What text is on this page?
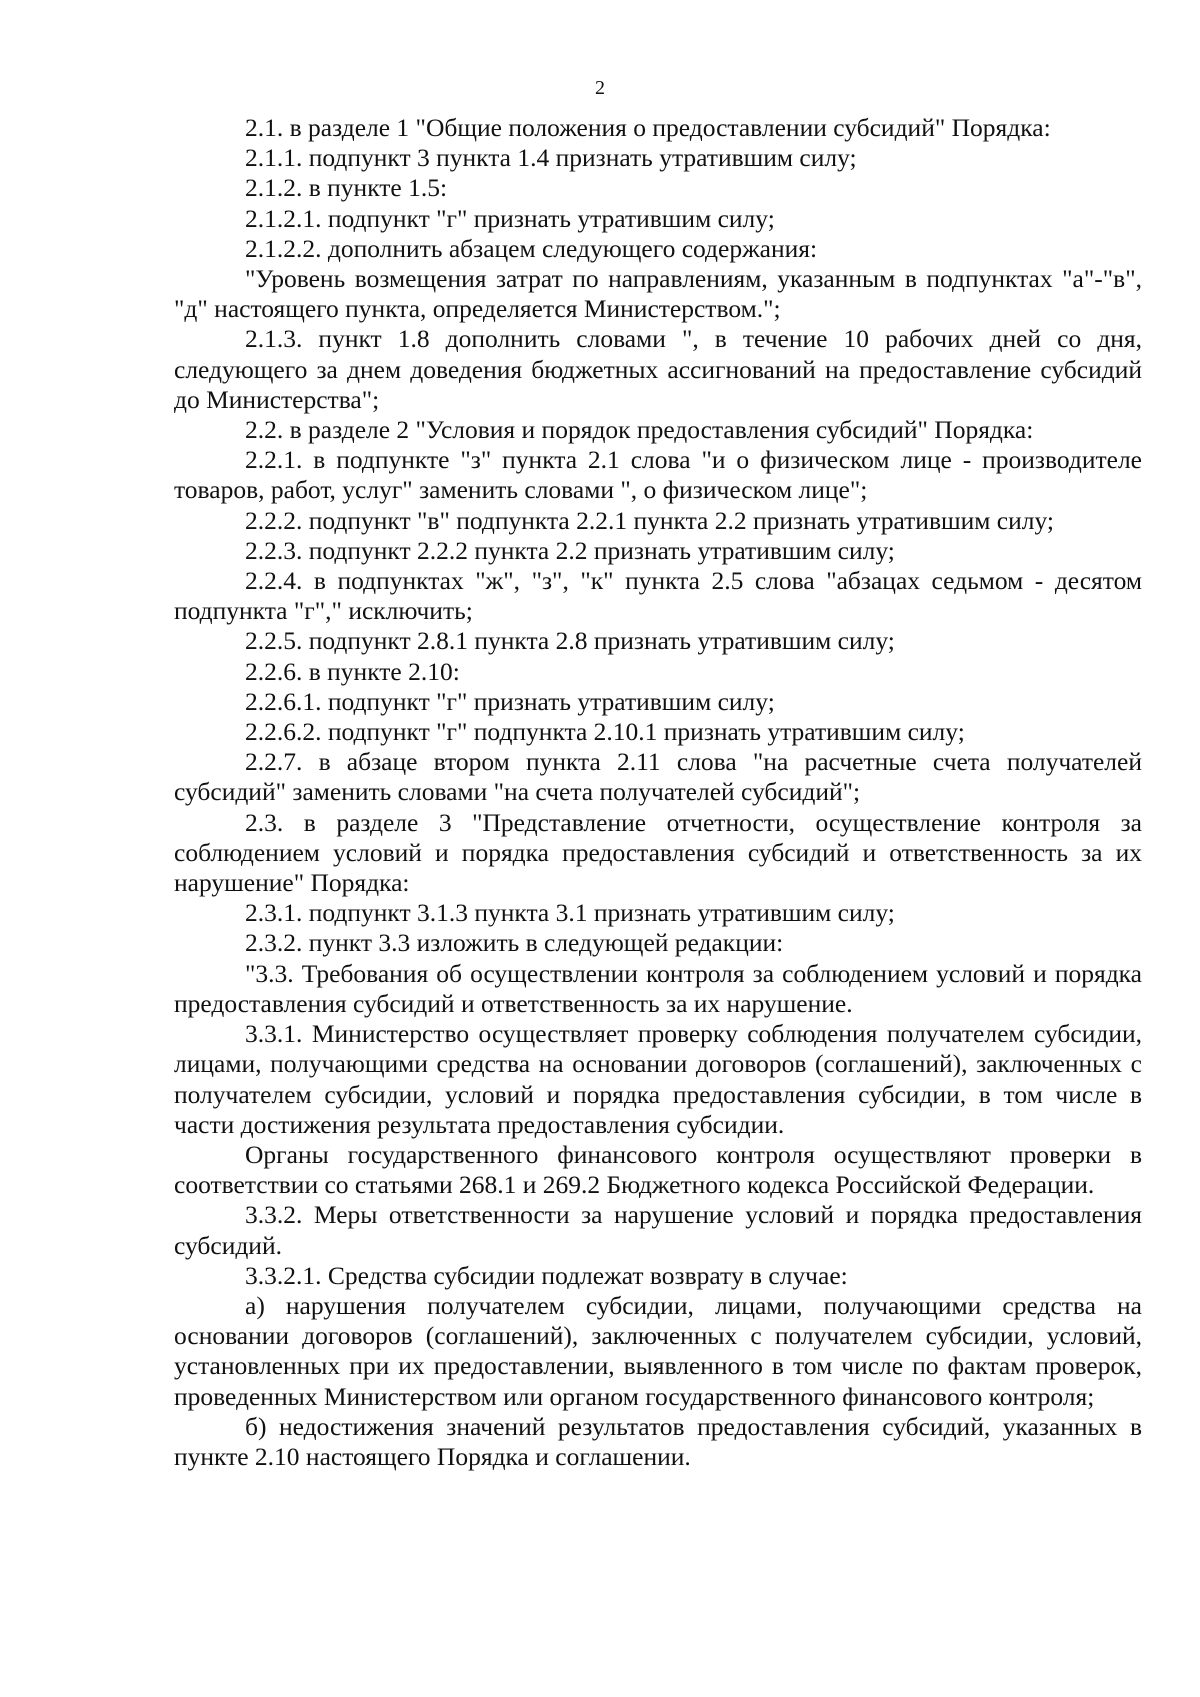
2

2.1. в разделе 1 "Общие положения о предоставлении субсидий" Порядка:

2.1.1. подпункт 3 пункта 1.4 признать утратившим силу;

2.1.2. в пункте 1.5:

2.1.2.1. подпункт "г" признать утратившим силу;

2.1.2.2. дополнить абзацем следующего содержания:

"Уровень возмещения затрат по направлениям, указанным в подпунктах "а"-"в", "д" настоящего пункта, определяется Министерством.";

2.1.3. пункт 1.8 дополнить словами ", в течение 10 рабочих дней со дня, следующего за днем доведения бюджетных ассигнований на предоставление субсидий до Министерства";

2.2. в разделе 2 "Условия и порядок предоставления субсидий" Порядка:

2.2.1. в подпункте "з" пункта 2.1 слова "и о физическом лице - производителе товаров, работ, услуг" заменить словами ", о физическом лице";

2.2.2. подпункт "в" подпункта 2.2.1 пункта 2.2 признать утратившим силу;

2.2.3. подпункт 2.2.2 пункта 2.2 признать утратившим силу;

2.2.4. в подпунктах "ж", "з", "к" пункта 2.5 слова "абзацах седьмом - десятом подпункта "г"," исключить;

2.2.5. подпункт 2.8.1 пункта 2.8 признать утратившим силу;

2.2.6. в пункте 2.10:

2.2.6.1. подпункт "г" признать утратившим силу;

2.2.6.2. подпункт "г" подпункта 2.10.1 признать утратившим силу;

2.2.7. в абзаце втором пункта 2.11 слова "на расчетные счета получателей субсидий" заменить словами "на счета получателей субсидий";

2.3. в разделе 3 "Представление отчетности, осуществление контроля за соблюдением условий и порядка предоставления субсидий и ответственность за их нарушение" Порядка:

2.3.1. подпункт 3.1.3 пункта 3.1 признать утратившим силу;

2.3.2. пункт 3.3 изложить в следующей редакции:

"3.3. Требования об осуществлении контроля за соблюдением условий и порядка предоставления субсидий и ответственность за их нарушение.

3.3.1. Министерство осуществляет проверку соблюдения получателем субсидии, лицами, получающими средства на основании договоров (соглашений), заключенных с получателем субсидии, условий и порядка предоставления субсидии, в том числе в части достижения результата предоставления субсидии.

Органы государственного финансового контроля осуществляют проверки в соответствии со статьями 268.1 и 269.2 Бюджетного кодекса Российской Федерации.

3.3.2. Меры ответственности за нарушение условий и порядка предоставления субсидий.

3.3.2.1. Средства субсидии подлежат возврату в случае:

а) нарушения получателем субсидии, лицами, получающими средства на основании договоров (соглашений), заключенных с получателем субсидии, условий, установленных при их предоставлении, выявленного в том числе по фактам проверок, проведенных Министерством или органом государственного финансового контроля;

б) недостижения значений результатов предоставления субсидий, указанных в пункте 2.10 настоящего Порядка и соглашении.
